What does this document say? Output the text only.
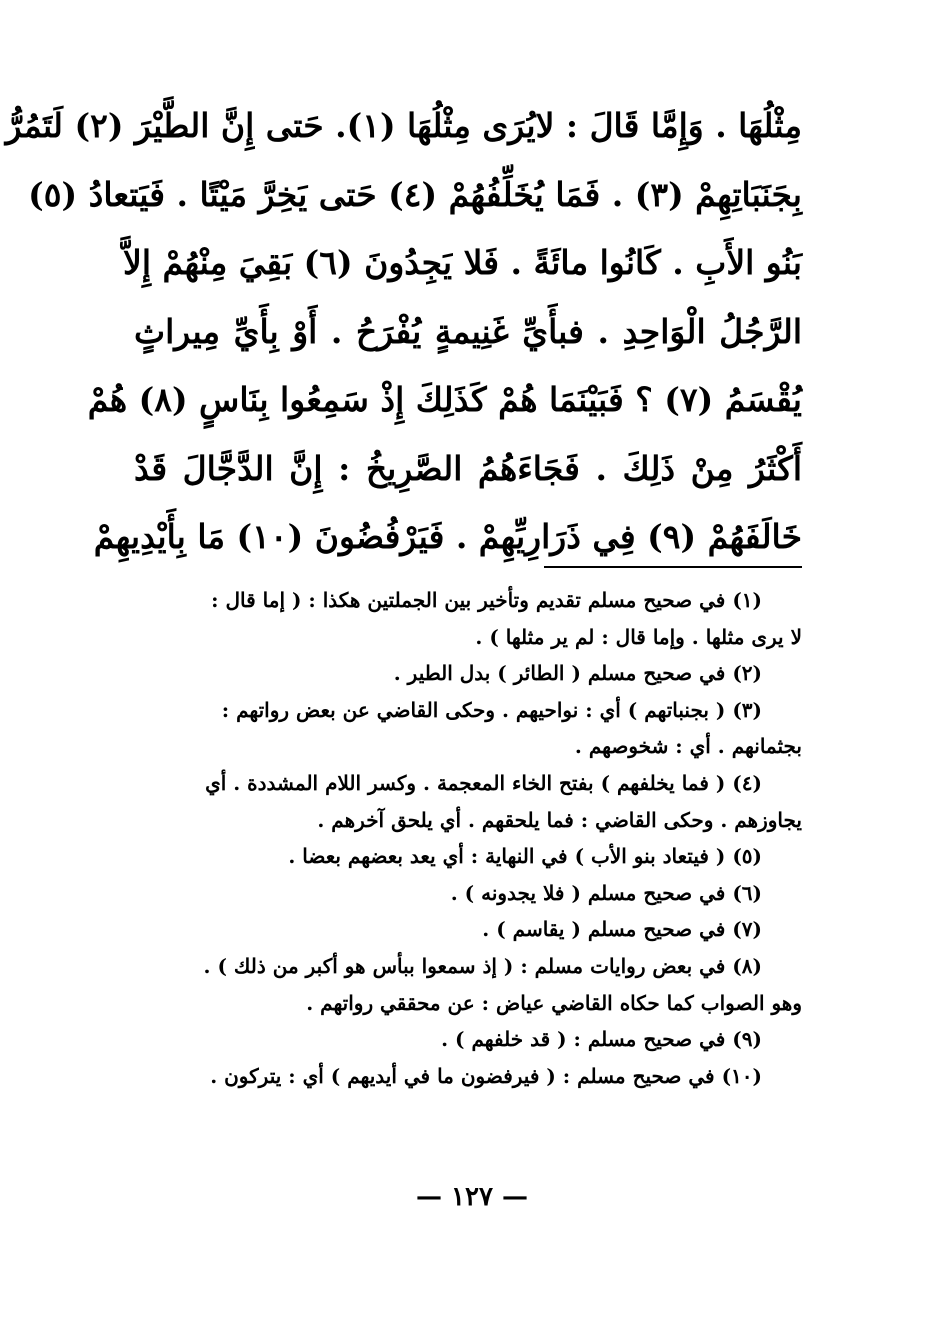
مِثْلُهَا . وَإِمَّا قَالَ : لايُرَى مِثْلُهَا (١). حَتى إِنَّ الطَّيْرَ (٢) لَتَمُرُّ
بِجَنَبَاتِهِمْ (٣) . فَمَا يُخَلِّفُهُمْ (٤) حَتى يَخِرَّ مَيْتًا . فَيَتعادُ (٥)
بَنُو الأَبِ . كَانُوا مائَةً . فَلا يَجِدُونَ (٦) بَقِيَ مِنْهُمْ إِلاَّ
الرَّجُلُ الْوَاحِدِ . فبأَيِّ غَنِيمةٍ يُفْرَحُ . أَوْ بِأَيِّ مِيراثٍ
يُقْسَمُ (٧) ؟ فَبَيْنَمَا هُمْ كَذَلِكَ إِذْ سَمِعُوا بِنَاسٍ (٨) هُمْ
أَكْثَرُ مِنْ ذَلِكَ . فَجَاءَهُمُ الصَّرِيخُ : إِنَّ الدَّجَّالَ قَدْ
خَالَفَهُمْ (٩) فِي ذَرَارِيِّهِمْ . فَيَرْفُضُونَ (١٠) مَا بِأَيْدِيهِمْ
(١) في صحيح مسلم تقديم وتأخير بين الجملتين هكذا : ( إما قال :
لا يرى مثلها . وإما قال : لم ير مثلها ) .
(٢) في صحيح مسلم ( الطائر ) بدل الطير .
(٣) ( بجنباتهم ) أي : نواحيهم . وحكى القاضي عن بعض رواتهم :
بجثمانهم . أي : شخوصهم .
(٤) ( فما يخلفهم ) بفتح الخاء المعجمة . وكسر اللام المشددة . أي
يجاوزهم . وحكى القاضي : فما يلحقهم . أي يلحق آخرهم .
(٥) ( فيتعاد بنو الأب ) في النهاية : أي يعد بعضهم بعضا .
(٦) في صحيح مسلم ( فلا يجدونه ) .
(٧) في صحيح مسلم ( يقاسم ) .
(٨) في بعض روايات مسلم : ( إذ سمعوا ببأس هو أكبر من ذلك ) .
وهو الصواب كما حكاه القاضي عياض : عن محققي رواتهم .
(٩) في صحيح مسلم : ( قد خلفهم ) .
(١٠) في صحيح مسلم : ( فيرفضون ما في أيديهم ) أي : يتركون .
— ١٢٧ —
